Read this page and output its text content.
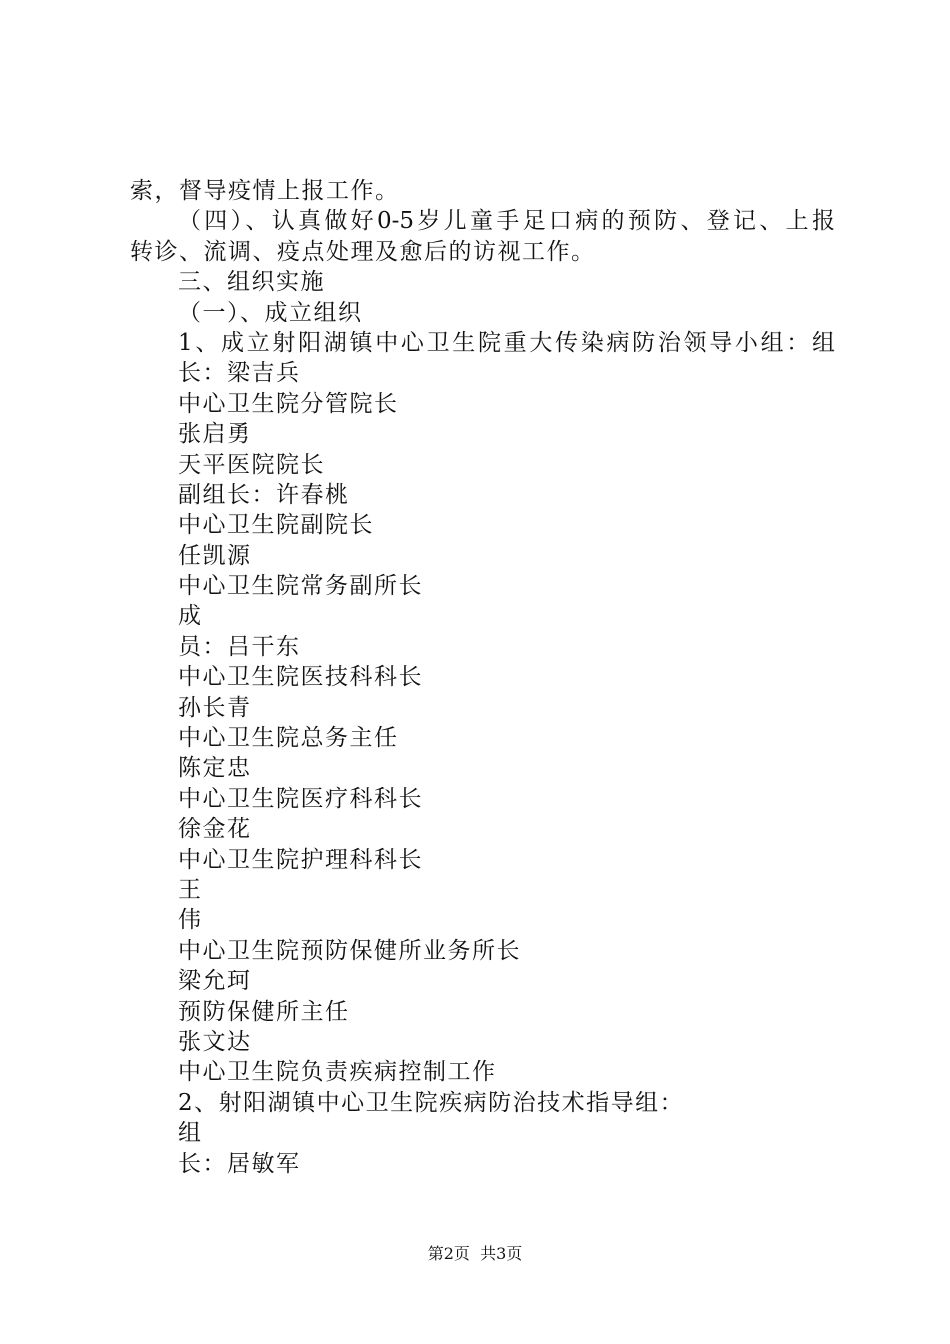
索，督导疫情上报工作。
（四）、认真做好0-5岁儿童手足口病的预防、登记、上报
转诊、流调、疫点处理及愈后的访视工作。
三、组织实施
（一）、成立组织
1、成立射阳湖镇中心卫生院重大传染病防治领导小组：组
长：梁吉兵
中心卫生院分管院长
张启勇
天平医院院长
副组长：许春桃
中心卫生院副院长
任凯源
中心卫生院常务副所长
成
员：吕干东
中心卫生院医技科科长
孙长青
中心卫生院总务主任
陈定忠
中心卫生院医疗科科长
徐金花
中心卫生院护理科科长
王
伟
中心卫生院预防保健所业务所长
梁允珂
预防保健所主任
张文达
中心卫生院负责疾病控制工作
2、射阳湖镇中心卫生院疾病防治技术指导组：
组
长：居敏军
第2页  共3页
